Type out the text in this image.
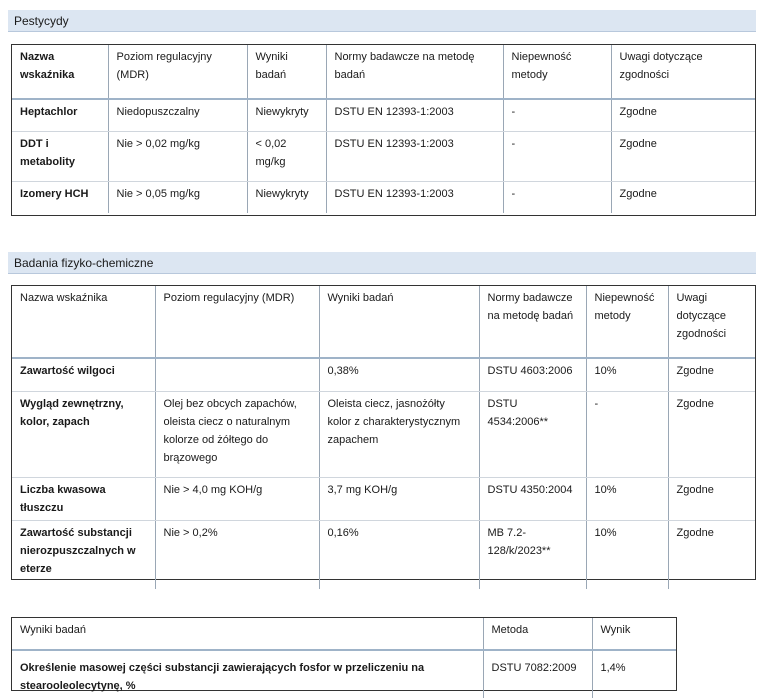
Pestycydy
Nazwa wskaźnika	Poziom regulacyjny (MDR)	Wyniki badań	Normy badawcze na metodę badań	Niepewność metody	Uwagi dotyczące zgodności
Heptachlor	Niedopuszczalny	Niewykryty	DSTU EN 12393-1:2003	-	Zgodne
DDT i metabolity	Nie > 0,02 mg/kg	< 0,02 mg/kg	DSTU EN 12393-1:2003	-	Zgodne
Izomery HCH	Nie > 0,05 mg/kg	Niewykryty	DSTU EN 12393-1:2003	-	Zgodne
Badania fizyko-chemiczne
Nazwa wskaźnika	Poziom regulacyjny (MDR)	Wyniki badań	Normy badawcze na metodę badań	Niepewność metody	Uwagi dotyczące zgodności
Zawartość wilgoci		0,38%	DSTU 4603:2006	10%	Zgodne
Wygląd zewnętrzny, kolor, zapach	Olej bez obcych zapachów, oleista ciecz o naturalnym kolorze od żółtego do brązowego	Oleista ciecz, jasnożółty kolor z charakterystycznym zapachem	DSTU 4534:2006**	-	Zgodne
Liczba kwasowa tłuszczu	Nie > 4,0 mg KOH/g	3,7 mg KOH/g	DSTU 4350:2004	10%	Zgodne
Zawartość substancji nierozpuszczalnych w eterze	Nie > 0,2%	0,16%	MB 7.2-128/k/2023**	10%	Zgodne
Wyniki badań	Metoda	Wynik
Określenie masowej części substancji zawierających fosfor w przeliczeniu na stearooleolecytynę, %	DSTU 7082:2009	1,4%
